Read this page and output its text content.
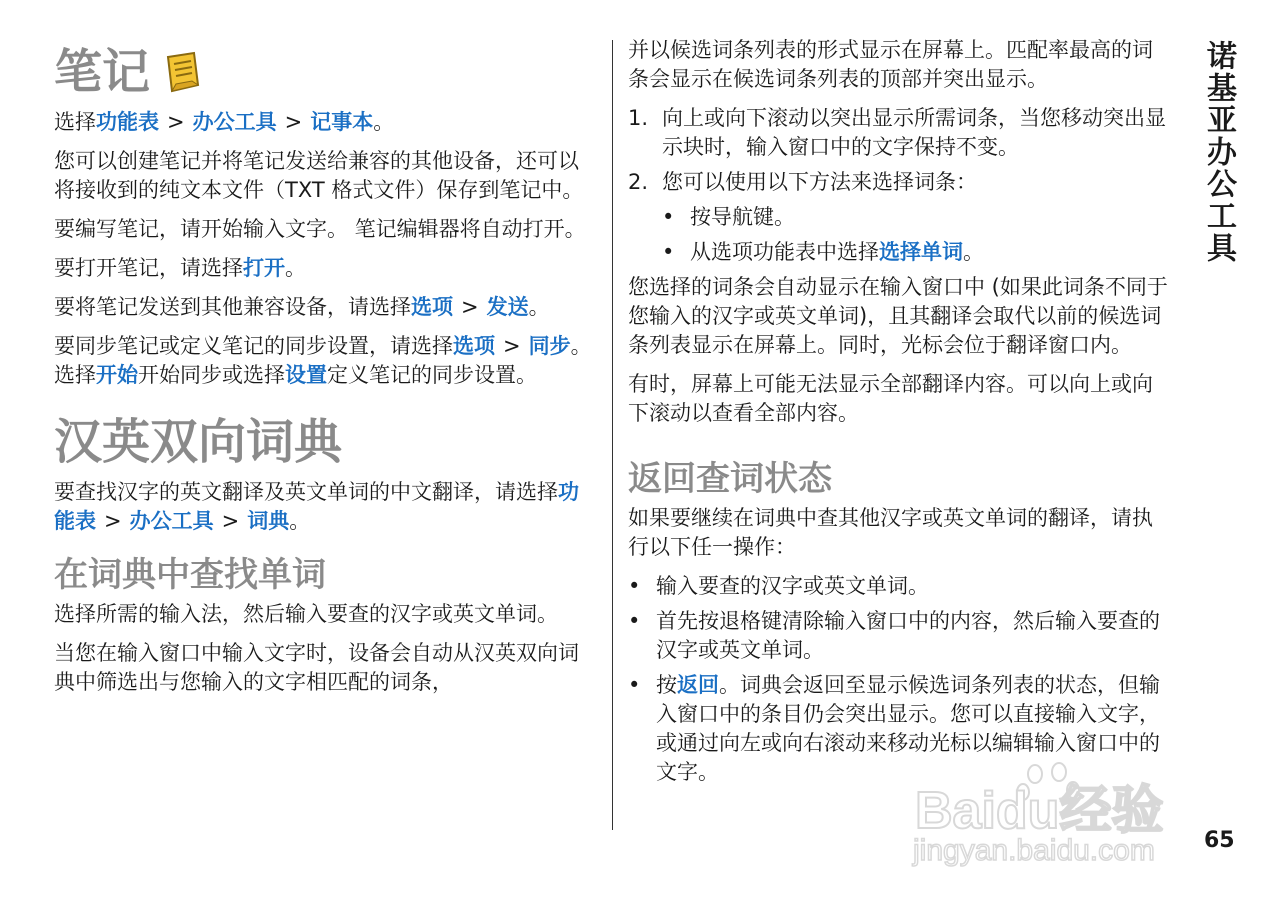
笔记

选择功能表 > 办公工具 > 记事本。

您可以创建笔记并将笔记发送给兼容的其他设备，还可以将接收到的纯文本文件（TXT 格式文件）保存到笔记中。

要编写笔记，请开始输入文字。 笔记编辑器将自动打开。

要打开笔记，请选择打开。

要将笔记发送到其他兼容设备，请选择选项 > 发送。

要同步笔记或定义笔记的同步设置，请选择选项 > 同步。 选择开始开始同步或选择设置定义笔记的同步设置。

汉英双向词典

要查找汉字的英文翻译及英文单词的中文翻译，请选择功能表 > 办公工具 > 词典。

在词典中查找单词

选择所需的输入法，然后输入要查的汉字或英文单词。

当您在输入窗口中输入文字时，设备会自动从汉英双向词典中筛选出与您输入的文字相匹配的词条，

并以候选词条列表的形式显示在屏幕上。匹配率最高的词条会显示在候选词条列表的顶部并突出显示。

1. 向上或向下滚动以突出显示所需词条，当您移动突出显示块时，输入窗口中的文字保持不变。
2. 您可以使用以下方法来选择词条：
• 按导航键。
• 从选项功能表中选择选择单词。

您选择的词条会自动显示在输入窗口中 (如果此词条不同于您输入的汉字或英文单词)，且其翻译会取代以前的候选词条列表显示在屏幕上。同时，光标会位于翻译窗口内。

有时，屏幕上可能无法显示全部翻译内容。可以向上或向下滚动以查看全部内容。

返回查词状态

如果要继续在词典中查其他汉字或英文单词的翻译，请执行以下任一操作：

• 输入要查的汉字或英文单词。
• 首先按退格键清除输入窗口中的内容，然后输入要查的汉字或英文单词。
• 按返回。词典会返回至显示候选词条列表的状态，但输入窗口中的条目仍会突出显示。您可以直接输入文字，或通过向左或向右滚动来移动光标以编辑输入窗口中的文字。
诺基亚办公工具
Baidu经验
jingyan.baidu.com 65
